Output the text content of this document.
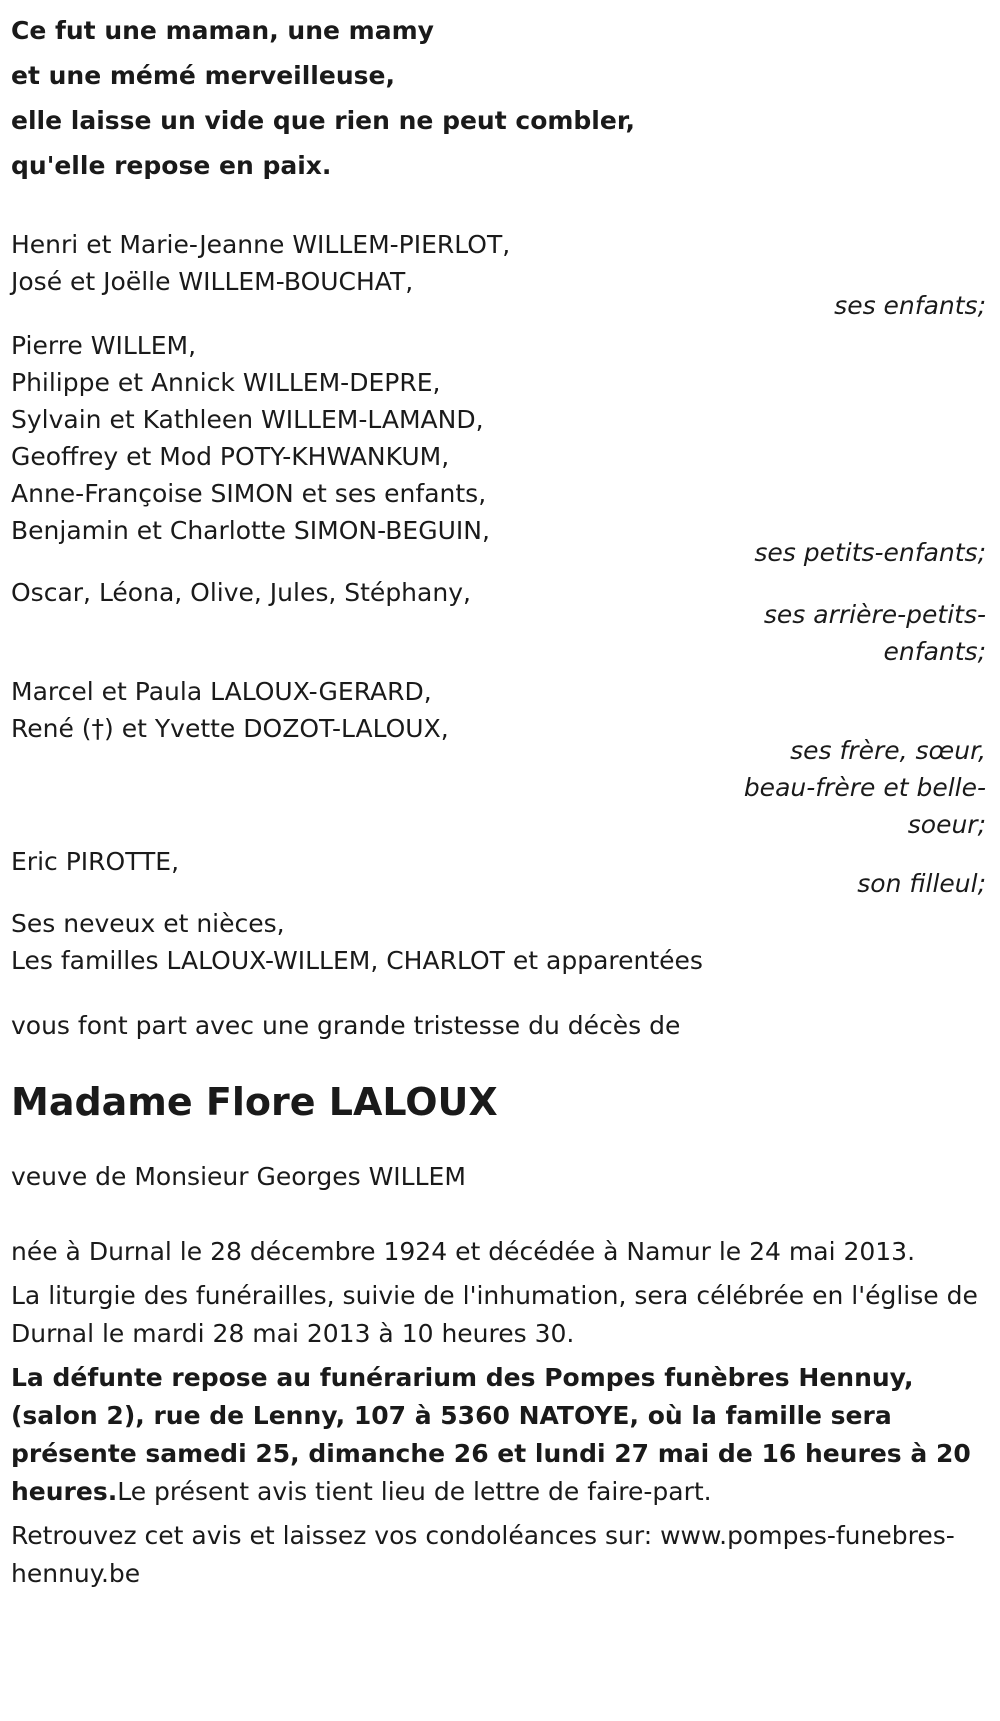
Ce fut une maman, une mamy
et une mémé merveilleuse,
elle laisse un vide que rien ne peut combler,
qu'elle repose en paix.
Henri et Marie-Jeanne WILLEM-PIERLOT,
José et Joëlle WILLEM-BOUCHAT,
ses enfants;
Pierre WILLEM,
Philippe et Annick WILLEM-DEPRE,
Sylvain et Kathleen WILLEM-LAMAND,
Geoffrey et Mod POTY-KHWANKUM,
Anne-Françoise SIMON et ses enfants,
Benjamin et Charlotte SIMON-BEGUIN,
ses petits-enfants;
Oscar, Léona, Olive, Jules, Stéphany,
ses arrière-petits-
enfants;
Marcel et Paula LALOUX-GERARD,
René (†) et Yvette DOZOT-LALOUX,
ses frère, sœur,
beau-frère et belle-
soeur;
Eric PIROTTE,
son filleul;
Ses neveux et nièces,
Les familles LALOUX-WILLEM, CHARLOT et apparentées
vous font part avec une grande tristesse du décès de
Madame Flore LALOUX
veuve de Monsieur Georges WILLEM
née à Durnal le 28 décembre 1924 et décédée à Namur le 24 mai 2013.
La liturgie des funérailles, suivie de l'inhumation, sera célébrée en l'église de Durnal le mardi 28 mai 2013 à 10 heures 30.
La défunte repose au funérarium des Pompes funèbres Hennuy, (salon 2), rue de Lenny, 107 à 5360 NATOYE, où la famille sera présente samedi 25, dimanche 26 et lundi 27 mai de 16 heures à 20 heures.Le présent avis tient lieu de lettre de faire-part.
Retrouvez cet avis et laissez vos condoléances sur: www.pompes-funebres-hennuy.be
